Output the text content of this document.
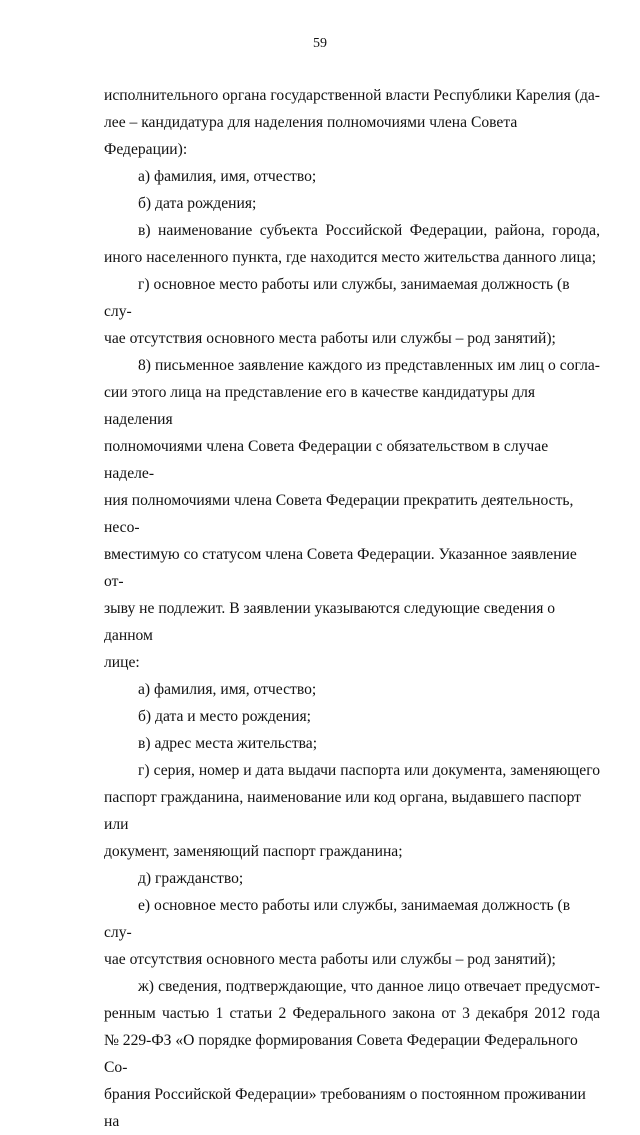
59
исполнительного органа государственной власти Республики Карелия (да-
лее – кандидатура для наделения полномочиями члена Совета Федерации):
а) фамилия, имя, отчество;
б) дата рождения;
в) наименование субъекта Российской Федерации, района, города,
иного населенного пункта, где находится место жительства данного лица;
г) основное место работы или службы, занимаемая должность (в слу-
чае отсутствия основного места работы или службы – род занятий);
8) письменное заявление каждого из представленных им лиц о согла-
сии этого лица на представление его в качестве кандидатуры для наделения
полномочиями члена Совета Федерации с обязательством в случае наделе-
ния полномочиями члена Совета Федерации прекратить деятельность, несо-
вместимую со статусом члена Совета Федерации. Указанное заявление от-
зыву не подлежит. В заявлении указываются следующие сведения о данном
лице:
а) фамилия, имя, отчество;
б) дата и место рождения;
в) адрес места жительства;
г) серия, номер и дата выдачи паспорта или документа, заменяющего
паспорт гражданина, наименование или код органа, выдавшего паспорт или
документ, заменяющий паспорт гражданина;
д) гражданство;
е) основное место работы или службы, занимаемая должность (в слу-
чае отсутствия основного места работы или службы – род занятий);
ж) сведения, подтверждающие, что данное лицо отвечает предусмот-
ренным частью 1 статьи 2 Федерального закона от 3 декабря 2012 года
№ 229-ФЗ «О порядке формирования Совета Федерации Федерального Со-
брания Российской Федерации» требованиям о постоянном проживании на
